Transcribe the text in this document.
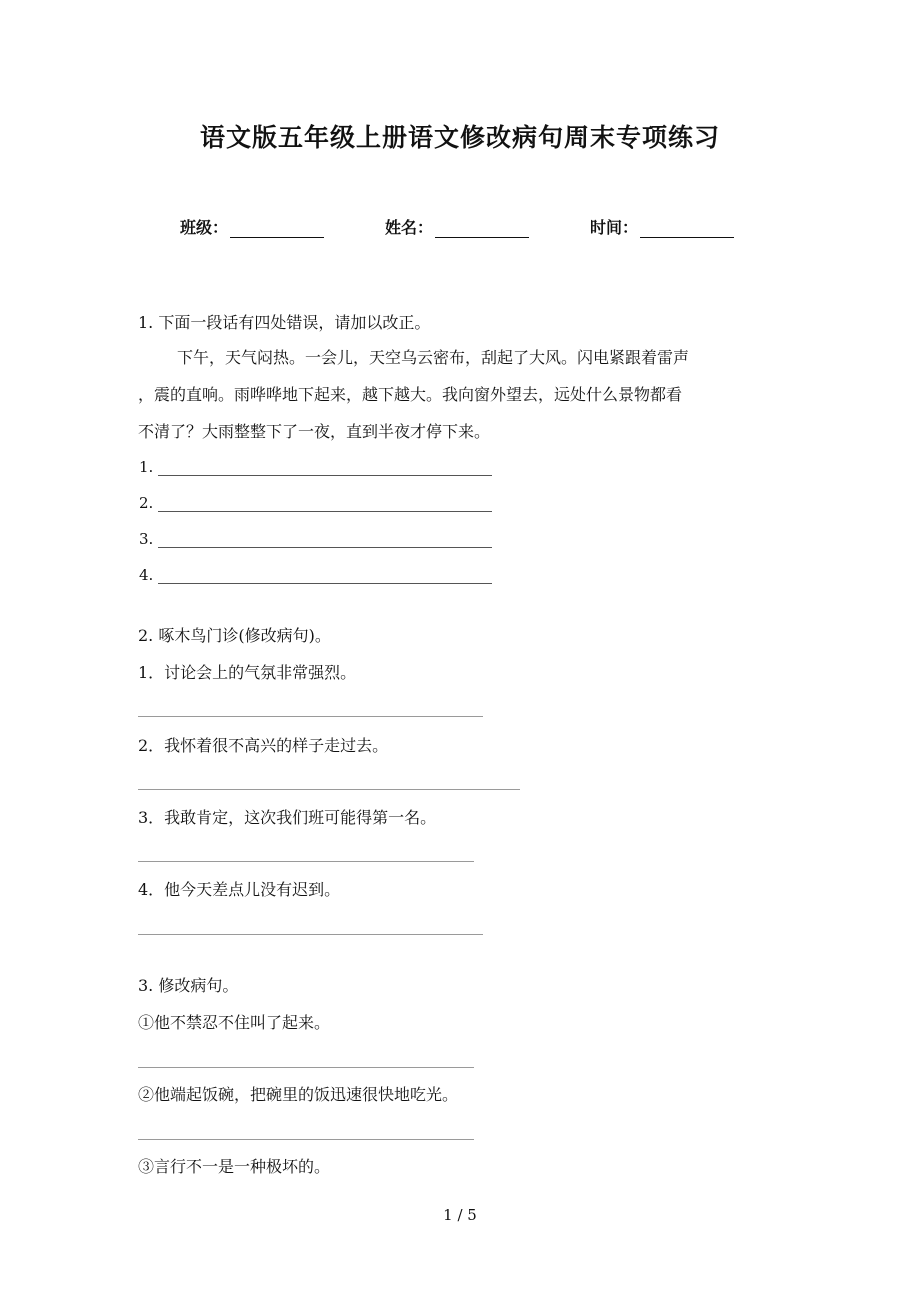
语文版五年级上册语文修改病句周末专项练习
班级：	姓名：	时间：
1. 下面一段话有四处错误，请加以改正。
下午，天气闷热。一会儿，天空乌云密布，刮起了大风。闪电紧跟着雷声
，震的直响。雨哗哗地下起来，越下越大。我向窗外望去，远处什么景物都看
不清了？大雨整整下了一夜，直到半夜才停下来。
1.
2.
3.
4.
2. 啄木鸟门诊(修改病句)。
1．讨论会上的气氛非常强烈。
2．我怀着很不高兴的样子走过去。
3．我敢肯定，这次我们班可能得第一名。
4．他今天差点儿没有迟到。
3. 修改病句。
①他不禁忍不住叫了起来。
②他端起饭碗，把碗里的饭迅速很快地吃光。
③言行不一是一种极坏的。
1 / 5
